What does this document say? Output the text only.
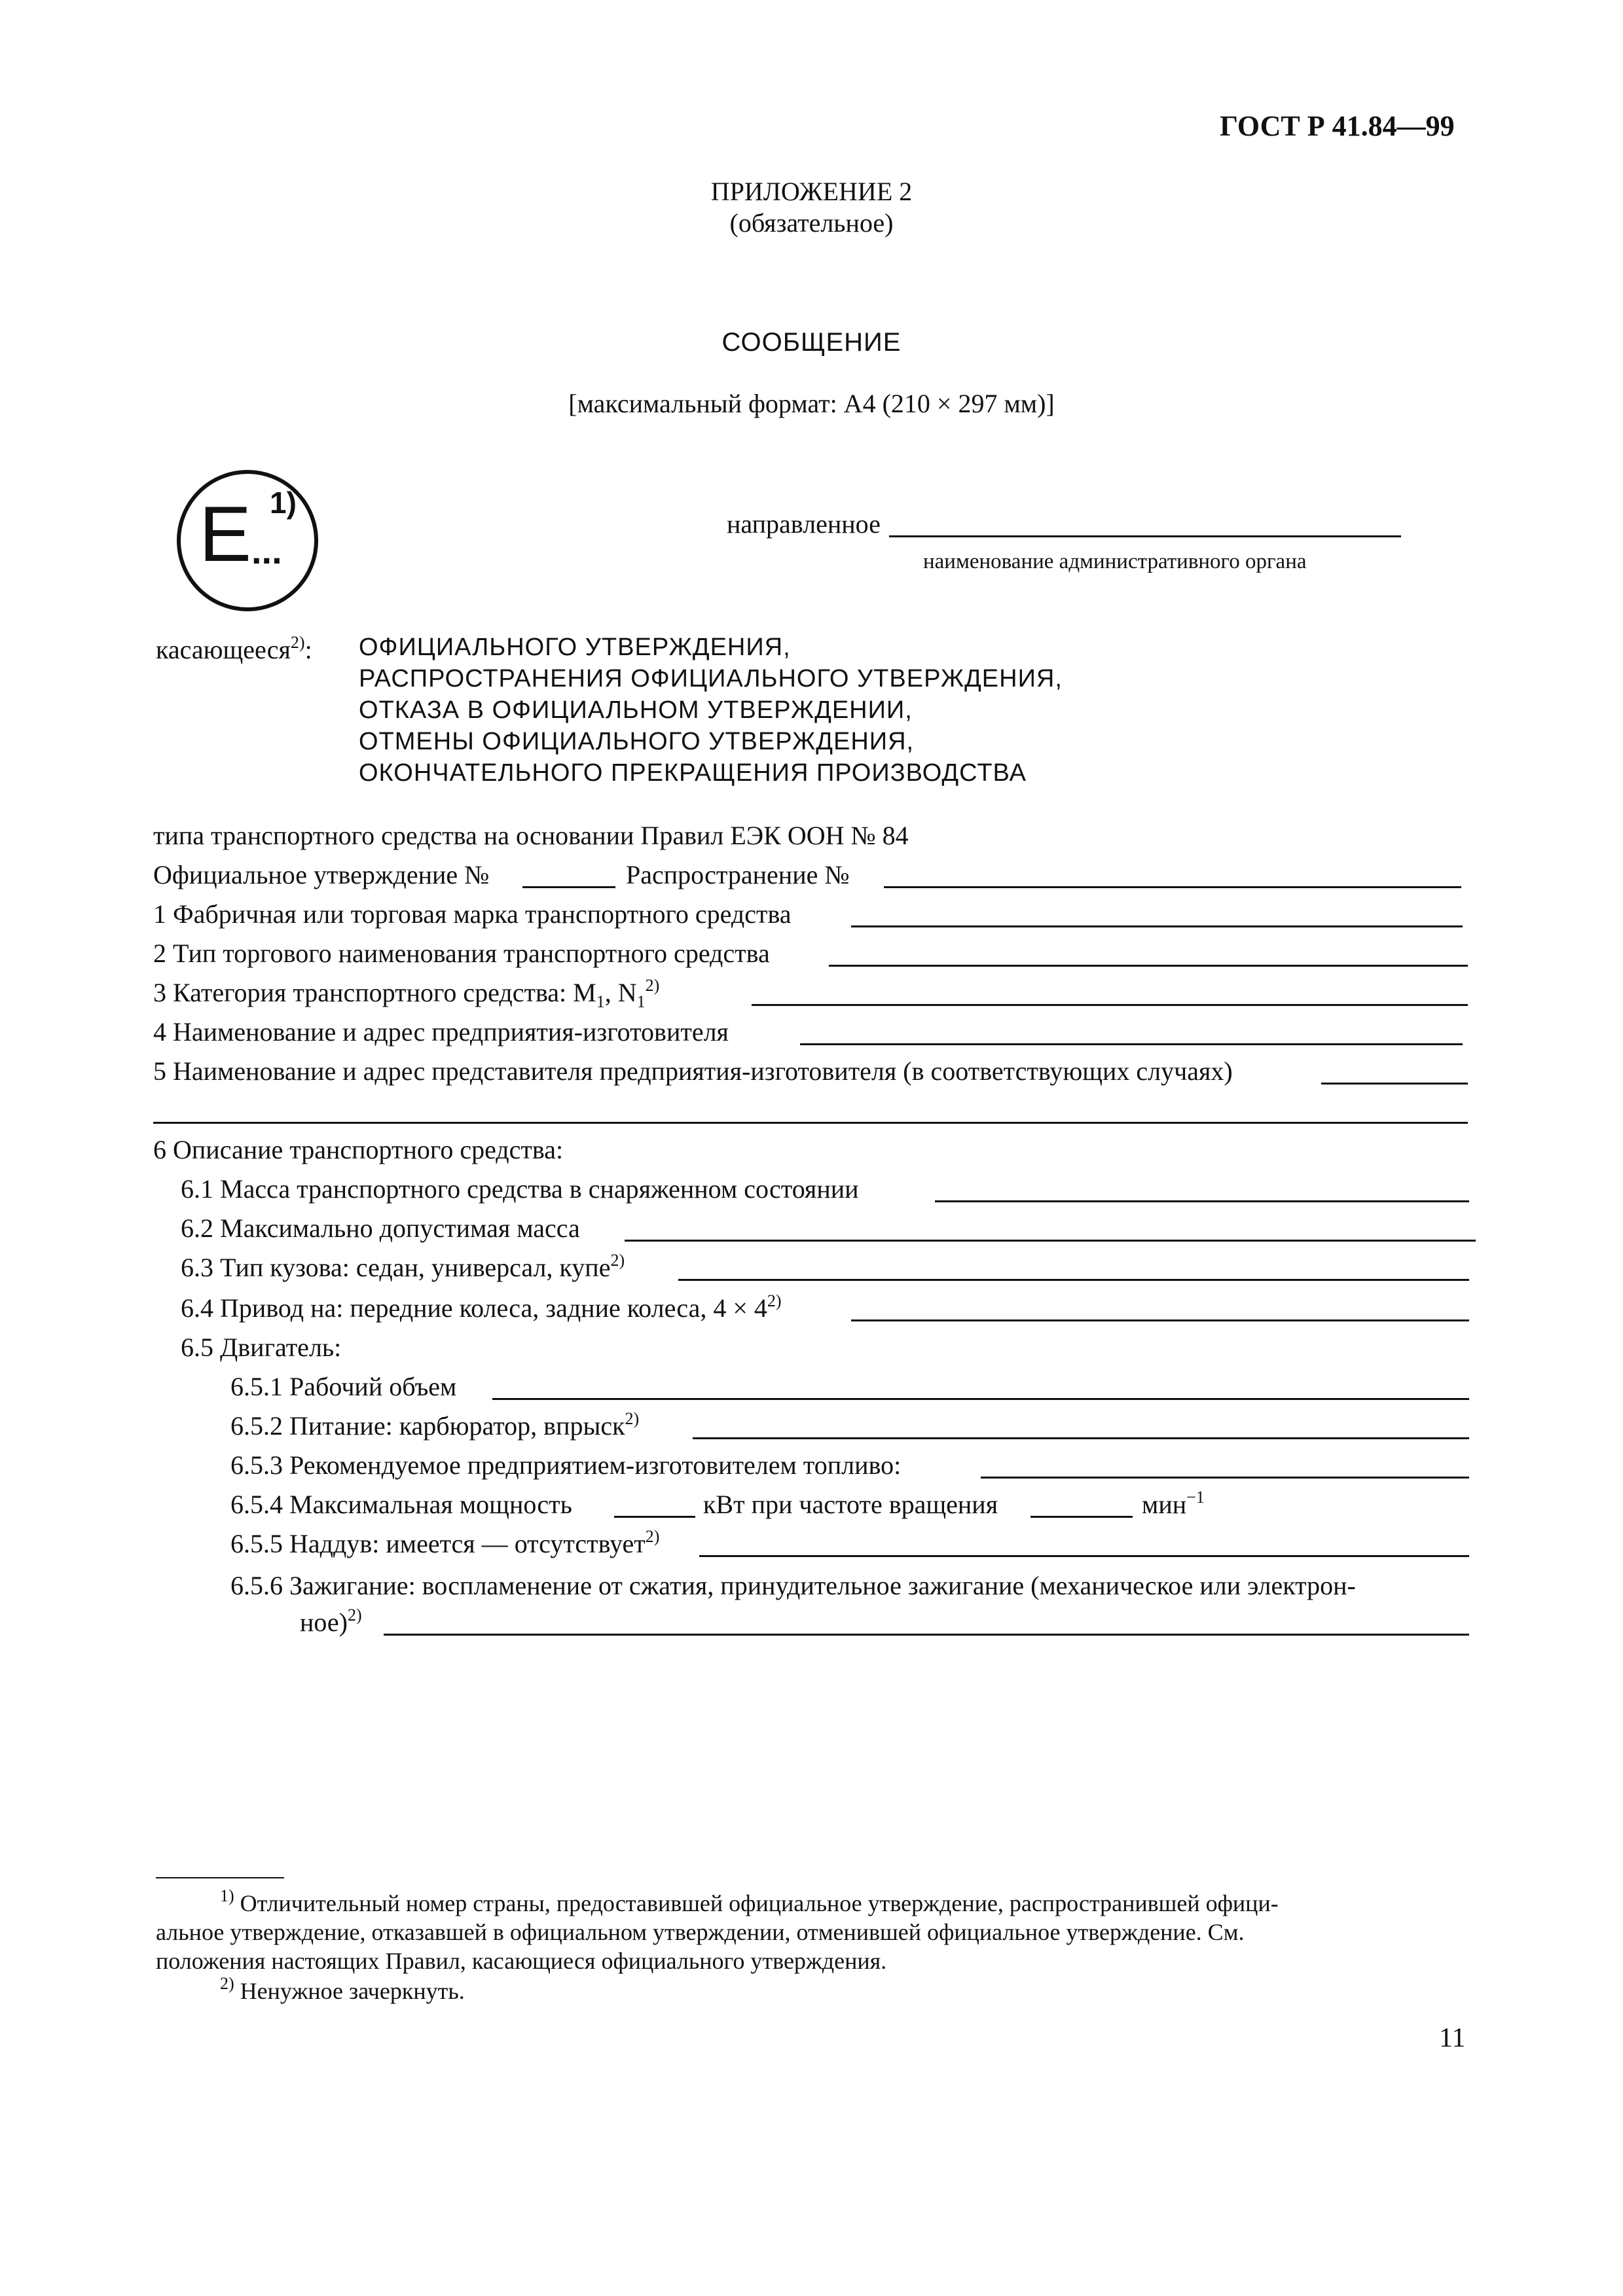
ГОСТ Р 41.84—99
ПРИЛОЖЕНИЕ 2
(обязательное)
СООБЩЕНИЕ
[максимальный формат: А4 (210 × 297 мм)]
E 1)
...
направленное
наименование административного органа
касающееся$^{2)}$: ОФИЦИАЛЬНОГО УТВЕРЖДЕНИЯ,
РАСПРОСТРАНЕНИЯ ОФИЦИАЛЬНОГО УТВЕРЖДЕНИЯ,
ОТКАЗА В ОФИЦИАЛЬНОМ УТВЕРЖДЕНИИ,
ОТМЕНЫ ОФИЦИАЛЬНОГО УТВЕРЖДЕНИЯ,
ОКОНЧАТЕЛЬНОГО ПРЕКРАЩЕНИЯ ПРОИЗВОДСТВА
типа транспортного средства на основании Правил ЕЭК ООН № 84
Официальное утверждение №	Распространение №
1 Фабричная или торговая марка транспортного средства
2 Тип торгового наименования транспортного средства
3 Категория транспортного средства: $M_1$, $N_1^{2)}$
4 Наименование и адрес предприятия-изготовителя
5 Наименование и адрес представителя предприятия-изготовителя (в соответствующих случаях)
6 Описание транспортного средства:
6.1 Масса транспортного средства в снаряженном состоянии
6.2 Максимально допустимая масса
6.3 Тип кузова: седан, универсал, купе$^{2)}$
6.4 Привод на: передние колеса, задние колеса, $4 \times 4^{2)}$
6.5 Двигатель:
6.5.1 Рабочий объем
6.5.2 Питание: карбюратор, впрыск$^{2)}$
6.5.3 Рекомендуемое предприятием-изготовителем топливо:
6.5.4 Максимальная мощность	кВт при частоте вращения	мин$^{-1}$
6.5.5 Наддув: имеется — отсутствует$^{2)}$
6.5.6 Зажигание: воспламенение от сжатия, принудительное зажигание (механическое или электрон-
ное)$^{2)}$
$^{1)}$ Отличительный номер страны, предоставившей официальное утверждение, распространившей офици-
альное утверждение, отказавшей в официальном утверждении, отменившей официальное утверждение. См.
положения настоящих Правил, касающиеся официального утверждения.
$^{2)}$ Ненужное зачеркнуть.
11
